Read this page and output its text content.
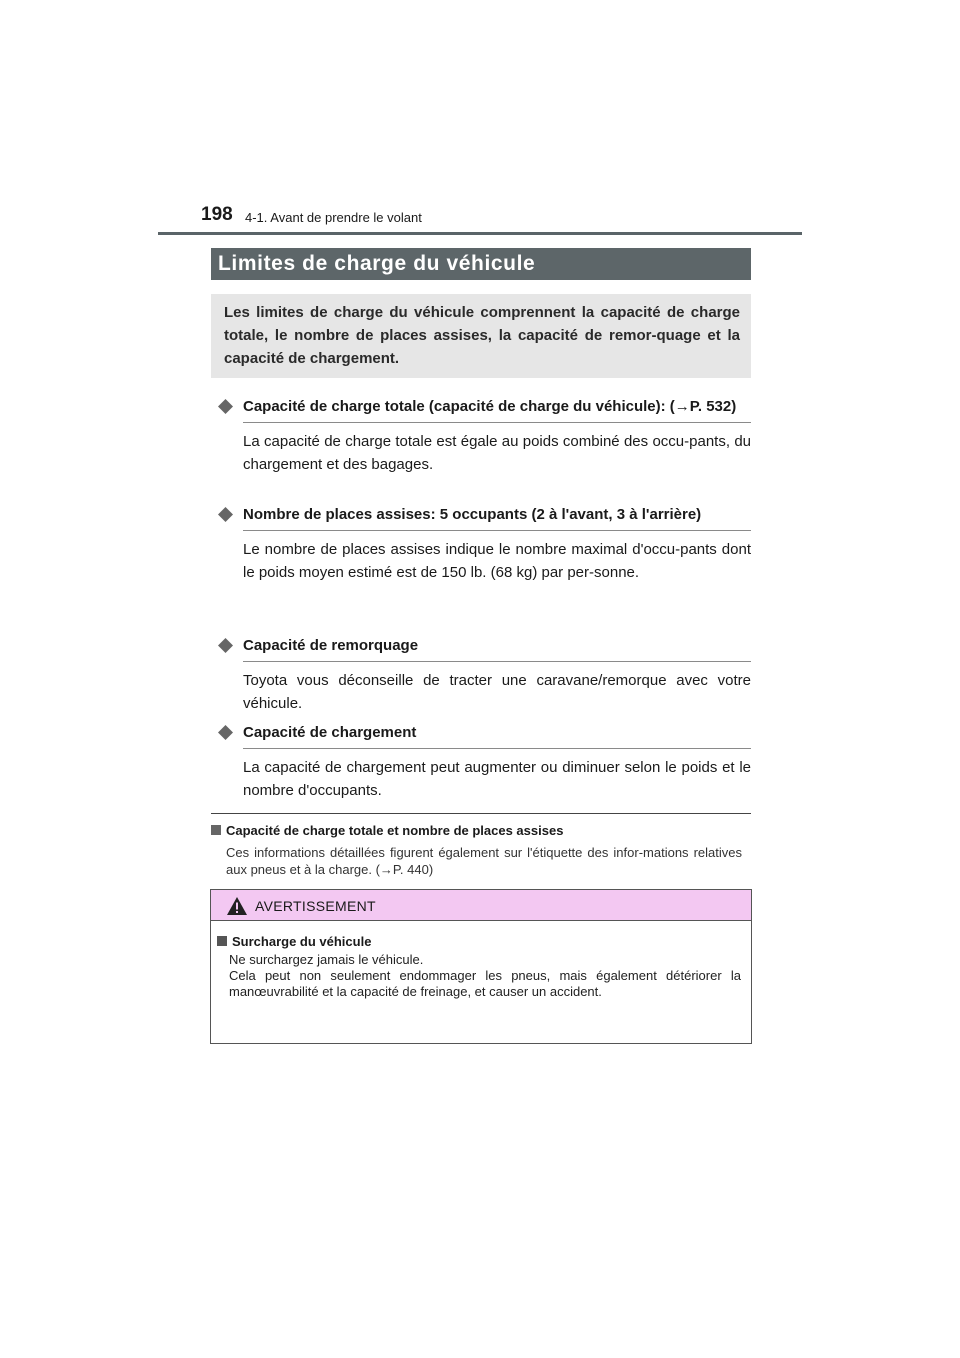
198 4-1. Avant de prendre le volant
Limites de charge du véhicule
Les limites de charge du véhicule comprennent la capacité de charge totale, le nombre de places assises, la capacité de remor-quage et la capacité de chargement.
Capacité de charge totale (capacité de charge du véhicule): (→P. 532)
La capacité de charge totale est égale au poids combiné des occu-pants, du chargement et des bagages.
Nombre de places assises: 5 occupants (2 à l'avant, 3 à l'arrière)
Le nombre de places assises indique le nombre maximal d'occu-pants dont le poids moyen estimé est de 150 lb. (68 kg) par per-sonne.
Capacité de remorquage
Toyota vous déconseille de tracter une caravane/remorque avec votre véhicule.
Capacité de chargement
La capacité de chargement peut augmenter ou diminuer selon le poids et le nombre d'occupants.
Capacité de charge totale et nombre de places assises
Ces informations détaillées figurent également sur l'étiquette des infor-mations relatives aux pneus et à la charge. (→P. 440)
AVERTISSEMENT
Surcharge du véhicule

Ne surchargez jamais le véhicule.

Cela peut non seulement endommager les pneus, mais également détériorer la manœuvrabilité et la capacité de freinage, et causer un accident.
